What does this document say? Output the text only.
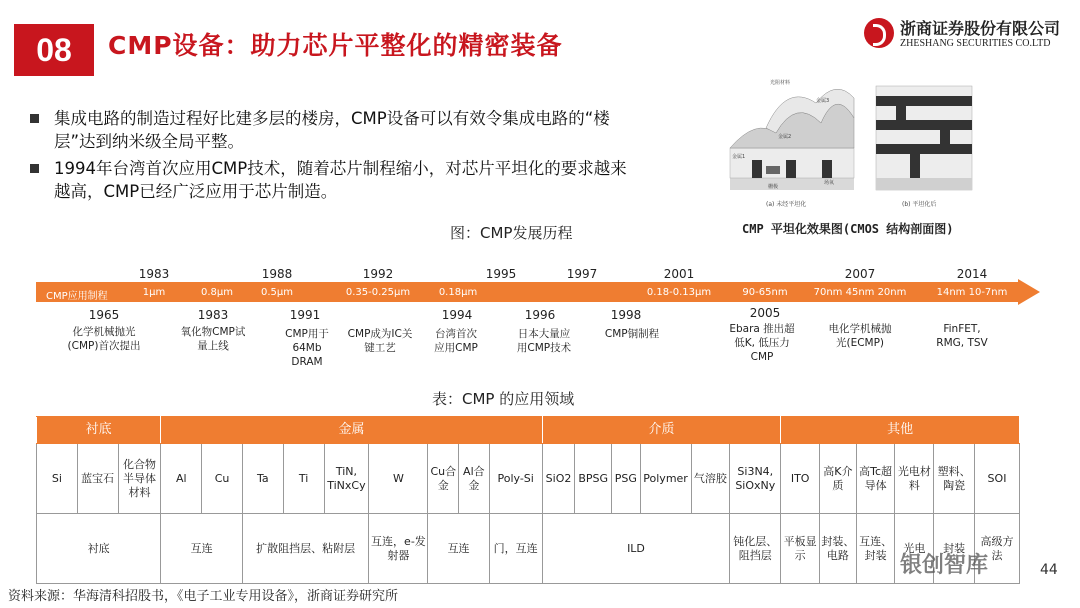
08	CMP设备：助力芯片平整化的精密装备
浙商证券股份有限公司
ZHESHANG SECURITIES CO.LTD
集成电路的制造过程好比建多层的楼房，CMP设备可以有效令集成电路的“楼层”达到纳米级全局平整。
1994年台湾首次应用CMP技术，随着芯片制程缩小，对芯片平坦化的要求越来越高，CMP已经广泛应用于芯片制造。
光阻材料
金属3
金属2
金属1
栅极
场氧
(a) 未经平坦化	(b) 平坦化后
CMP 平坦化效果图(CMOS 结构剖面图)
图：CMP发展历程
CMP应用制程
1983	1988	1992	1995	1997	2001	2007	2014
1μm	0.8μm	0.5μm	0.35-0.25μm	0.18μm	0.18-0.13μm	90-65nm	70nm 45nm 20nm	14nm 10-7nm
1965	1983	1991	1994	1996	1998	2005
化学机械抛光
(CMP)首次提出
氧化物CMP试
量上线
CMP用于
64Mb
DRAM
CMP成为IC关
键工艺
台湾首次
应用CMP
日本大量应
用CMP技术
CMP铜制程	Ebara 推出超
低K, 低压力
CMP
电化学机械抛
光(ECMP)
FinFET,
RMG, TSV
表：CMP 的应用领域
衬底			金属									介质						其他					
Si	蓝宝石	化合物半导体材料	Al	Cu	Ta	Ti	TiN, TiNxCy	W	Cu合金	Al合金	Poly-Si	SiO2	BPSG	PSG	Polymer	气溶胶	Si3N4, SiOxNy	ITO	高K介质	高Tc超导体	光电材料	塑料、陶瓷	SOI
衬底			互连		扩散阻挡层、粘附层			互连，e-发射器	互连		门，互连	ILD					钝化层、阻挡层	平板显示	封装、电路	互连、封装	光电	封装	高级方法
银创智库	44
资料来源：华海清科招股书，《电子工业专用设备》，浙商证券研究所
